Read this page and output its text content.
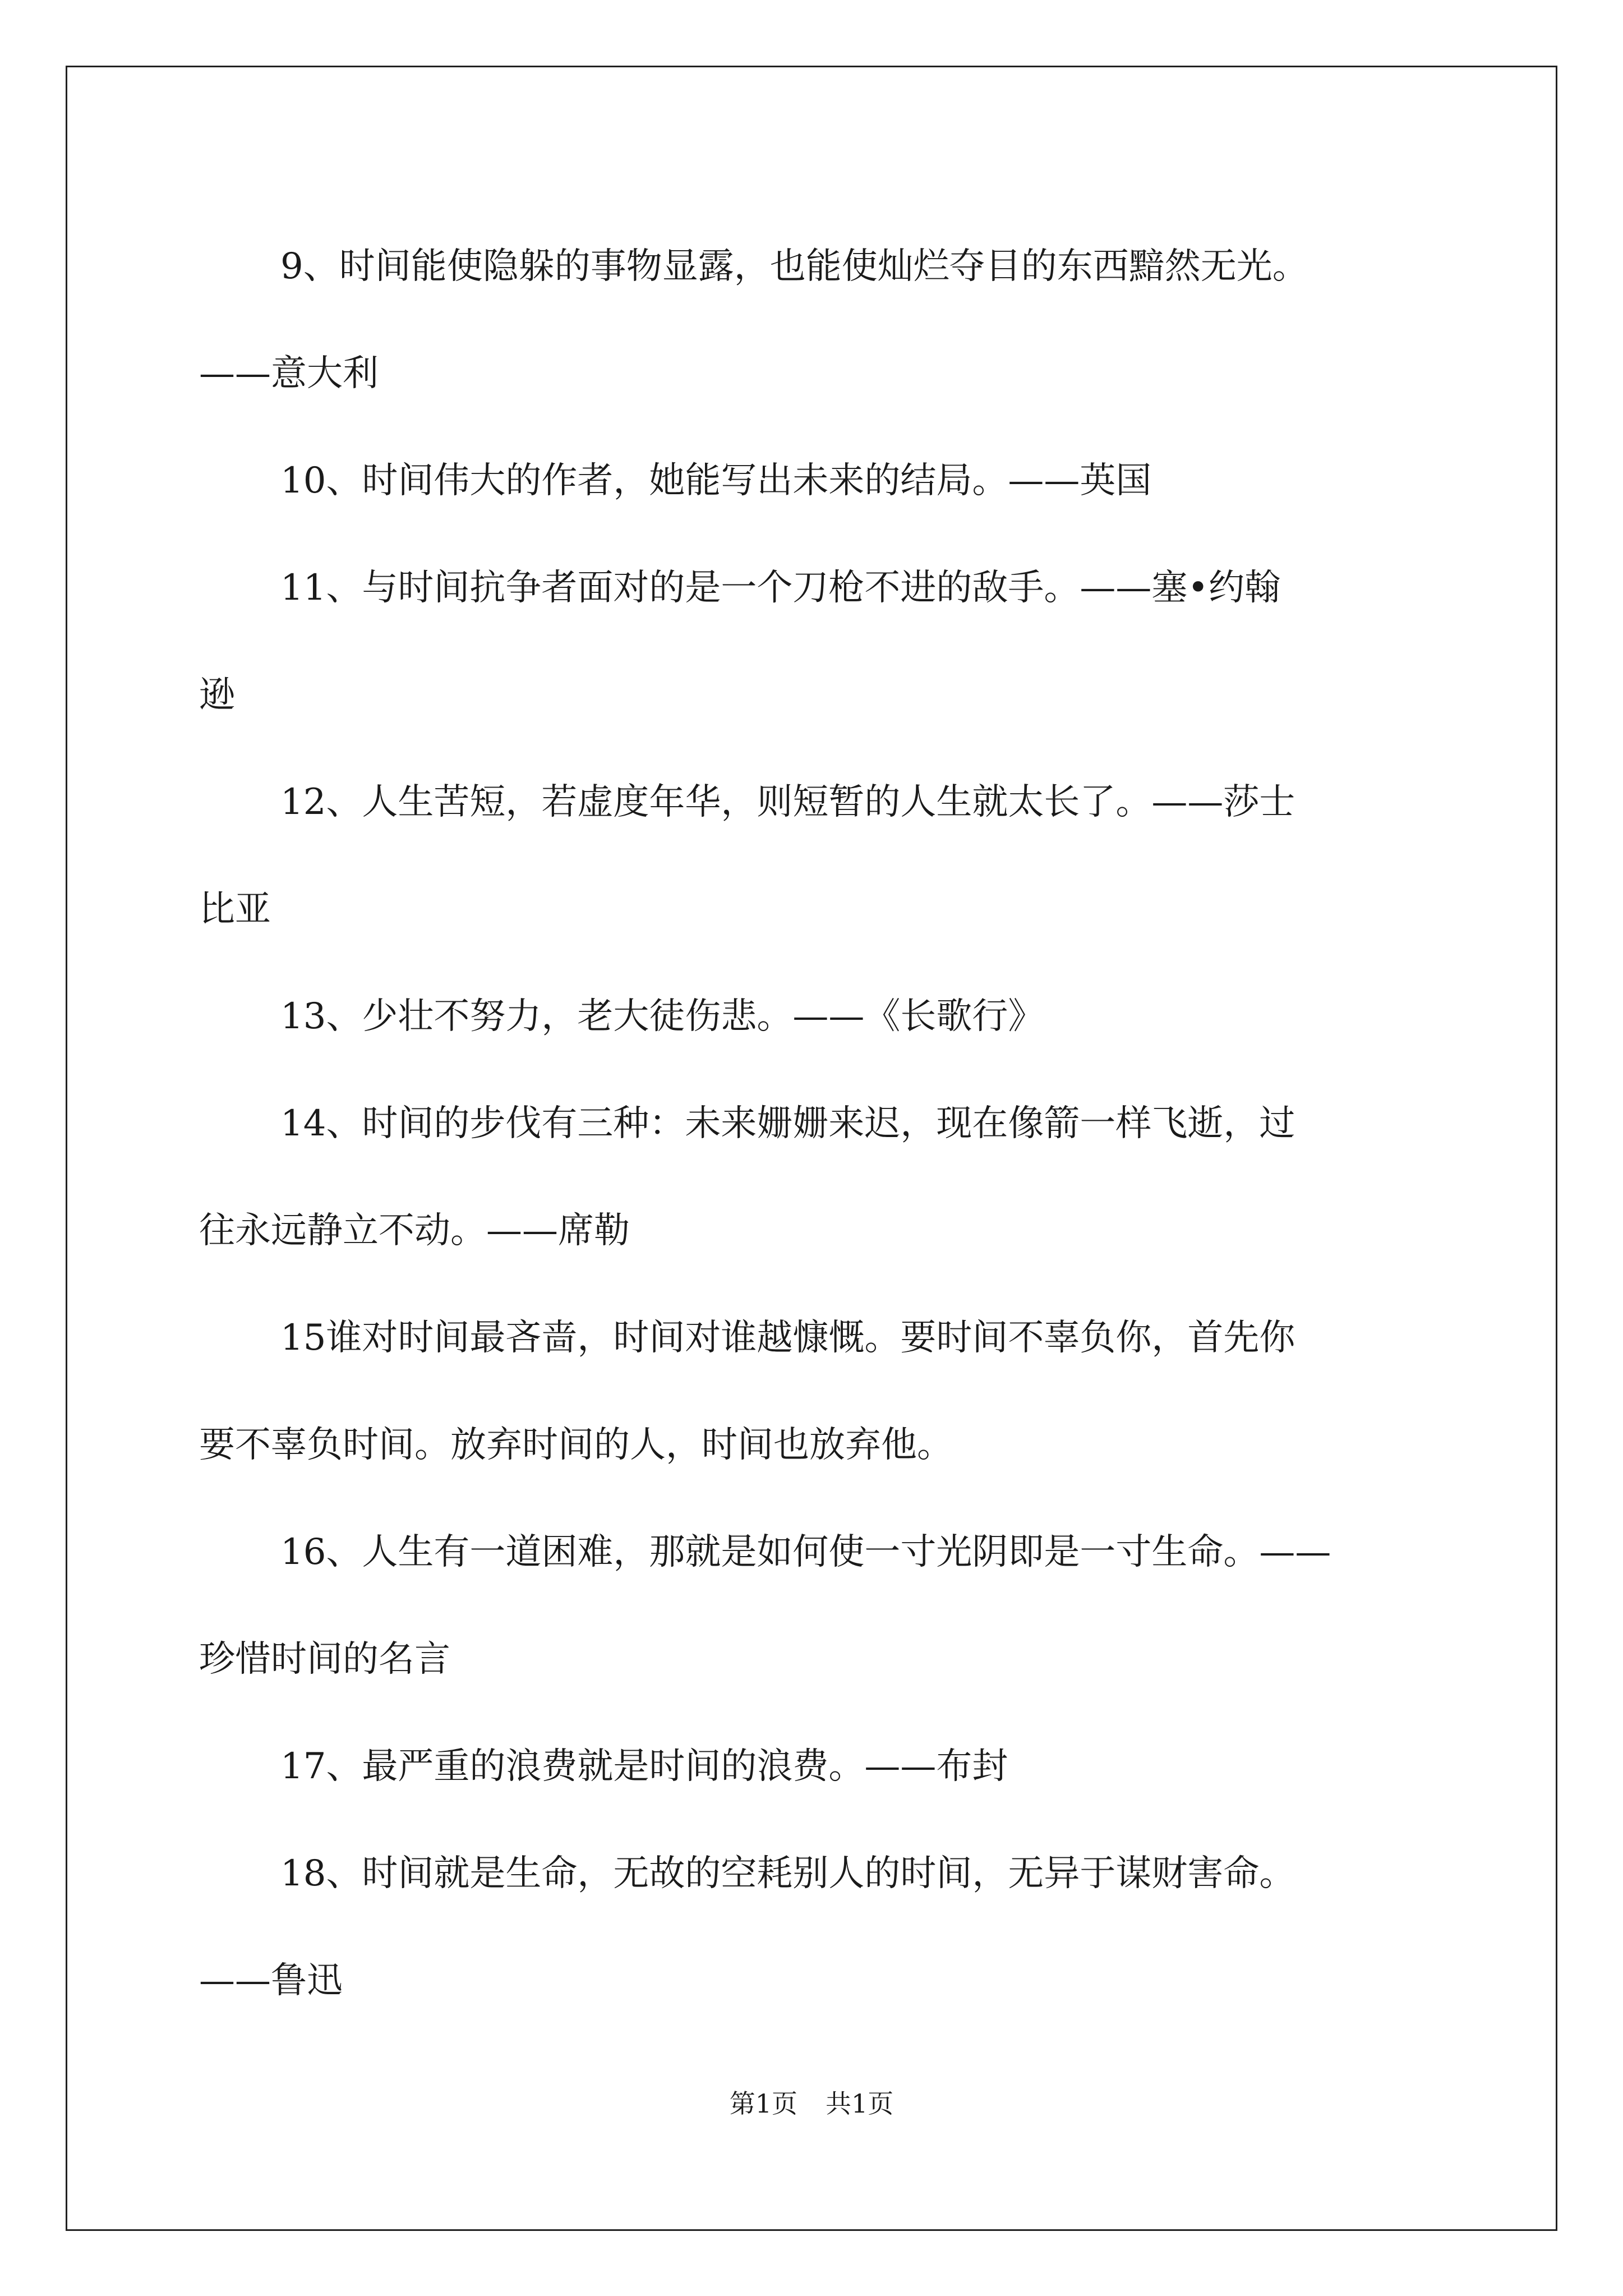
9、时间能使隐躲的事物显露，也能使灿烂夺目的东西黯然无光。

——意大利

10、时间伟大的作者，她能写出未来的结局。——英国

11、与时间抗争者面对的是一个刀枪不进的敌手。——塞•约翰

逊

12、人生苦短，若虚度年华，则短暂的人生就太长了。——莎士

比亚

13、少壮不努力，老大徒伤悲。——《长歌行》

14、时间的步伐有三种：未来姗姗来迟，现在像箭一样飞逝，过

往永远静立不动。——席勒

15谁对时间最吝啬，时间对谁越慷慨。要时间不辜负你，首先你

要不辜负时间。放弃时间的人，时间也放弃他。

16、人生有一道困难，那就是如何使一寸光阴即是一寸生命。——

珍惜时间的名言

17、最严重的浪费就是时间的浪费。——布封

18、时间就是生命，无故的空耗别人的时间，无异于谋财害命。

——鲁迅

第1页 共1页
